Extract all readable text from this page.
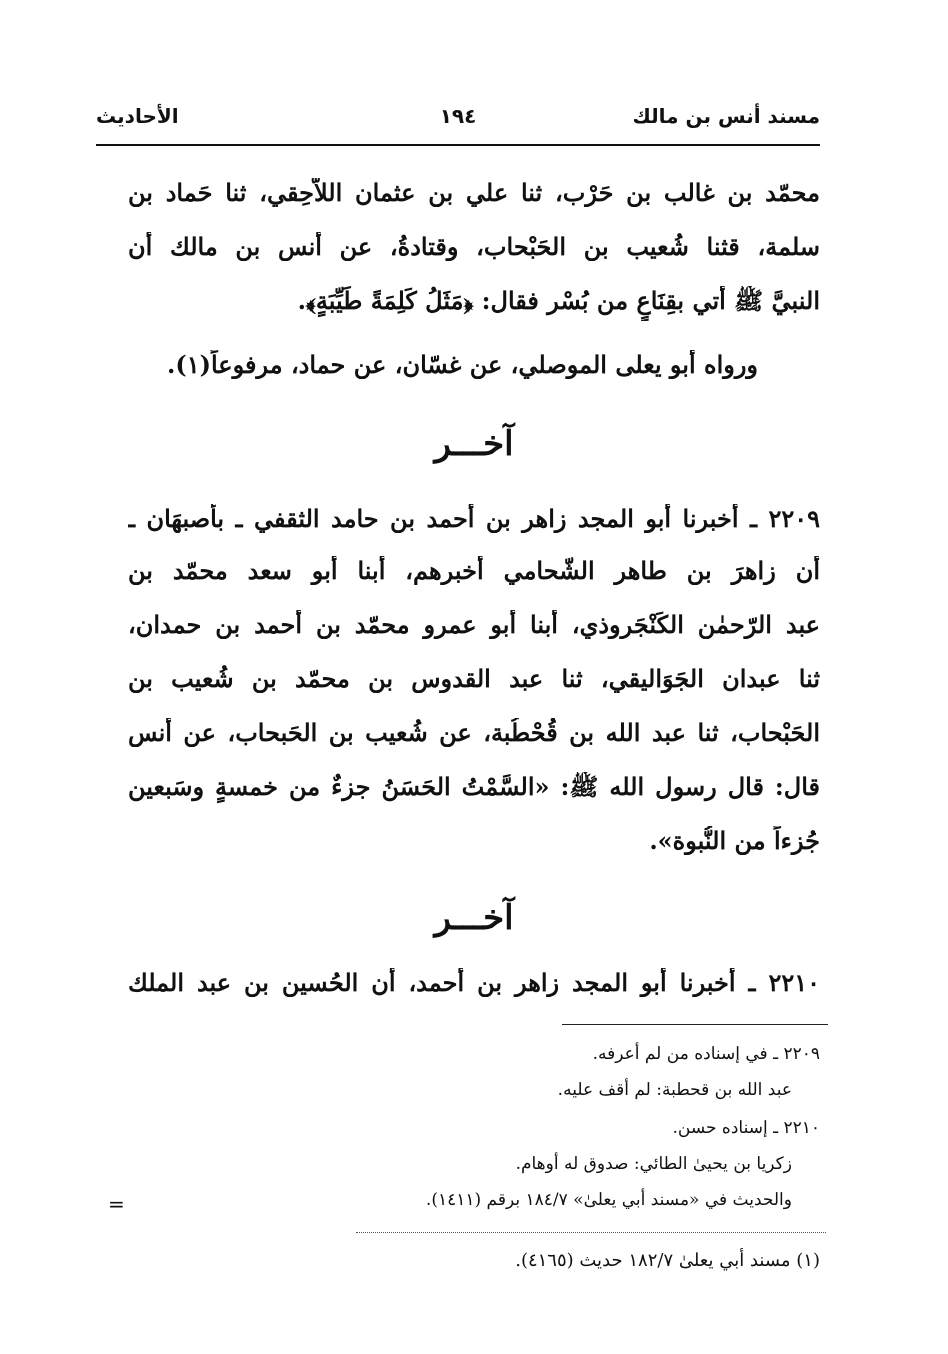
مسند أنس بن مالك
١٩٤
الأحاديث
محمّد بن غالب بن حَرْب، ثنا علي بن عثمان اللاَّحِقي، ثنا حَماد بن
سلمة، قثنا شُعيب بن الحَبْحاب، وقتادةُ، عن أنس بن مالك أن
النبيَّ ﷺ أُتي بقِنَاعٍ من بُسْر فقال: ﴿مَثَلُ كَلِمَةً طَيِّبَةٍ﴾.
ورواه أبو يعلى الموصلي، عن غسّان، عن حماد، مرفوعاً(١).
آخـــر
٢٢٠٩ ـ أخبرنا أبو المجد زاهر بن أحمد بن حامد الثقفي ـ بأصبهَان ـ
أن زاهرَ بن طاهر الشّحامي أخبرهم، أبنا أبو سعد محمّد بن
عبد الرّحمٰن الكَنْجَروذي، أبنا أبو عمرو محمّد بن أحمد بن حمدان،
ثنا عبدان الجَوَاليقي، ثنا عبد القدوس بن محمّد بن شُعيب بن
الحَبْحاب، ثنا عبد الله بن قُحْطُبة، عن شُعيب بن الحَبحاب، عن أنس
قال: قال رسول الله ﷺ: «السَّمْتُ الحَسَنُ جزءٌ من خمسةٍ وسَبعين
جُزءاً من النُّبوة».
آخـــر
٢٢١٠ ـ أخبرنا أبو المجد زاهر بن أحمد، أن الحُسين بن عبد الملك
٢٢٠٩ ـ في إسناده من لم أعرفه.
عبد الله بن قحطبة: لم أقف عليه.
٢٢١٠ ـ إسناده حسن.
زكريا بن يحيىٰ الطائي: صدوق له أوهام.
والحديث في «مسند أبي يعلىٰ» ١٨٤/٧ برقم (١٤١١).
=
(١) مسند أبي يعلىٰ ١٨٢/٧ حديث (٤١٦٥).
